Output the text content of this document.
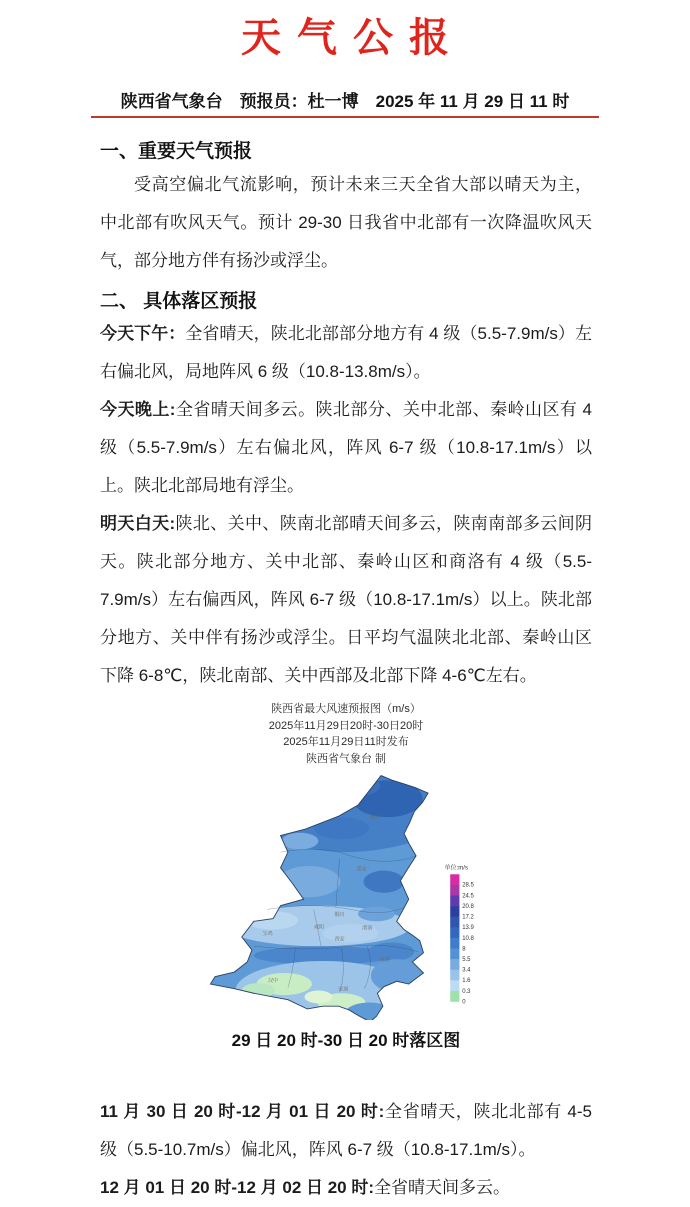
天气公报
陕西省气象台　预报员：杜一博　2025 年 11 月 29 日 11 时
一、重要天气预报

受高空偏北气流影响，预计未来三天全省大部以晴天为主，中北部有吹风天气。预计 29-30 日我省中北部有一次降温吹风天气，部分地方伴有扬沙或浮尘。

二、 具体落区预报

今天下午：全省晴天，陕北北部部分地方有 4 级（5.5-7.9m/s）左右偏北风，局地阵风 6 级（10.8-13.8m/s）。

今天晚上:全省晴天间多云。陕北部分、关中北部、秦岭山区有 4 级（5.5-7.9m/s）左右偏北风，阵风 6-7 级（10.8-17.1m/s）以上。陕北北部局地有浮尘。

明天白天:陕北、关中、陕南北部晴天间多云，陕南南部多云间阴天。陕北部分地方、关中北部、秦岭山区和商洛有 4 级（5.5-7.9m/s）左右偏西风，阵风 6-7 级（10.8-17.1m/s）以上。陕北部分地方、关中伴有扬沙或浮尘。日平均气温陕北北部、秦岭山区下降 6-8℃，陕北南部、关中西部及北部下降 4-6℃左右。

陕西省最大风速预报图（m/s）
2025年11月29日20时-30日20时
2025年11月29日11时发布
陕西省气象台 制
榆林
延安
铜川
咸阳
宝鸡
西安
渭南
商洛
安康
汉中
单位:m/s
28.5
24.5
20.8
17.2
13.9
10.8
8
5.5
3.4
1.6
0.3
0

29 日 20 时-30 日 20 时落区图

11 月 30 日 20 时-12 月 01 日 20 时:全省晴天，陕北北部有 4-5 级（5.5-10.7m/s）偏北风，阵风 6-7 级（10.8-17.1m/s）。

12 月 01 日 20 时-12 月 02 日 20 时:全省晴天间多云。
